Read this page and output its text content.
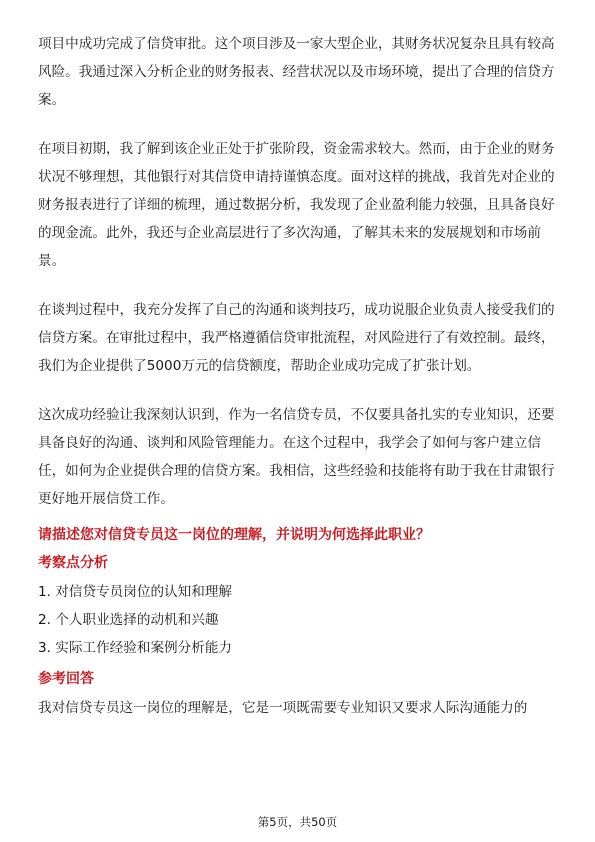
项目中成功完成了信贷审批。这个项目涉及一家大型企业，其财务状况复杂且具有较高风险。我通过深入分析企业的财务报表、经营状况以及市场环境，提出了合理的信贷方案。

在项目初期，我了解到该企业正处于扩张阶段，资金需求较大。然而，由于企业的财务状况不够理想，其他银行对其信贷申请持谨慎态度。面对这样的挑战，我首先对企业的财务报表进行了详细的梳理，通过数据分析，我发现了企业盈利能力较强，且具备良好的现金流。此外，我还与企业高层进行了多次沟通，了解其未来的发展规划和市场前景。

在谈判过程中，我充分发挥了自己的沟通和谈判技巧，成功说服企业负责人接受我们的信贷方案。在审批过程中，我严格遵循信贷审批流程，对风险进行了有效控制。最终，我们为企业提供了5000万元的信贷额度，帮助企业成功完成了扩张计划。

这次成功经验让我深刻认识到，作为一名信贷专员，不仅要具备扎实的专业知识，还要具备良好的沟通、谈判和风险管理能力。在这个过程中，我学会了如何与客户建立信任，如何为企业提供合理的信贷方案。我相信，这些经验和技能将有助于我在甘肃银行更好地开展信贷工作。

请描述您对信贷专员这一岗位的理解，并说明为何选择此职业？
考察点分析
1. 对信贷专员岗位的认知和理解
2. 个人职业选择的动机和兴趣
3. 实际工作经验和案例分析能力
参考回答

我对信贷专员这一岗位的理解是，它是一项既需要专业知识又要求人际沟通能力的

第5页，共50页
